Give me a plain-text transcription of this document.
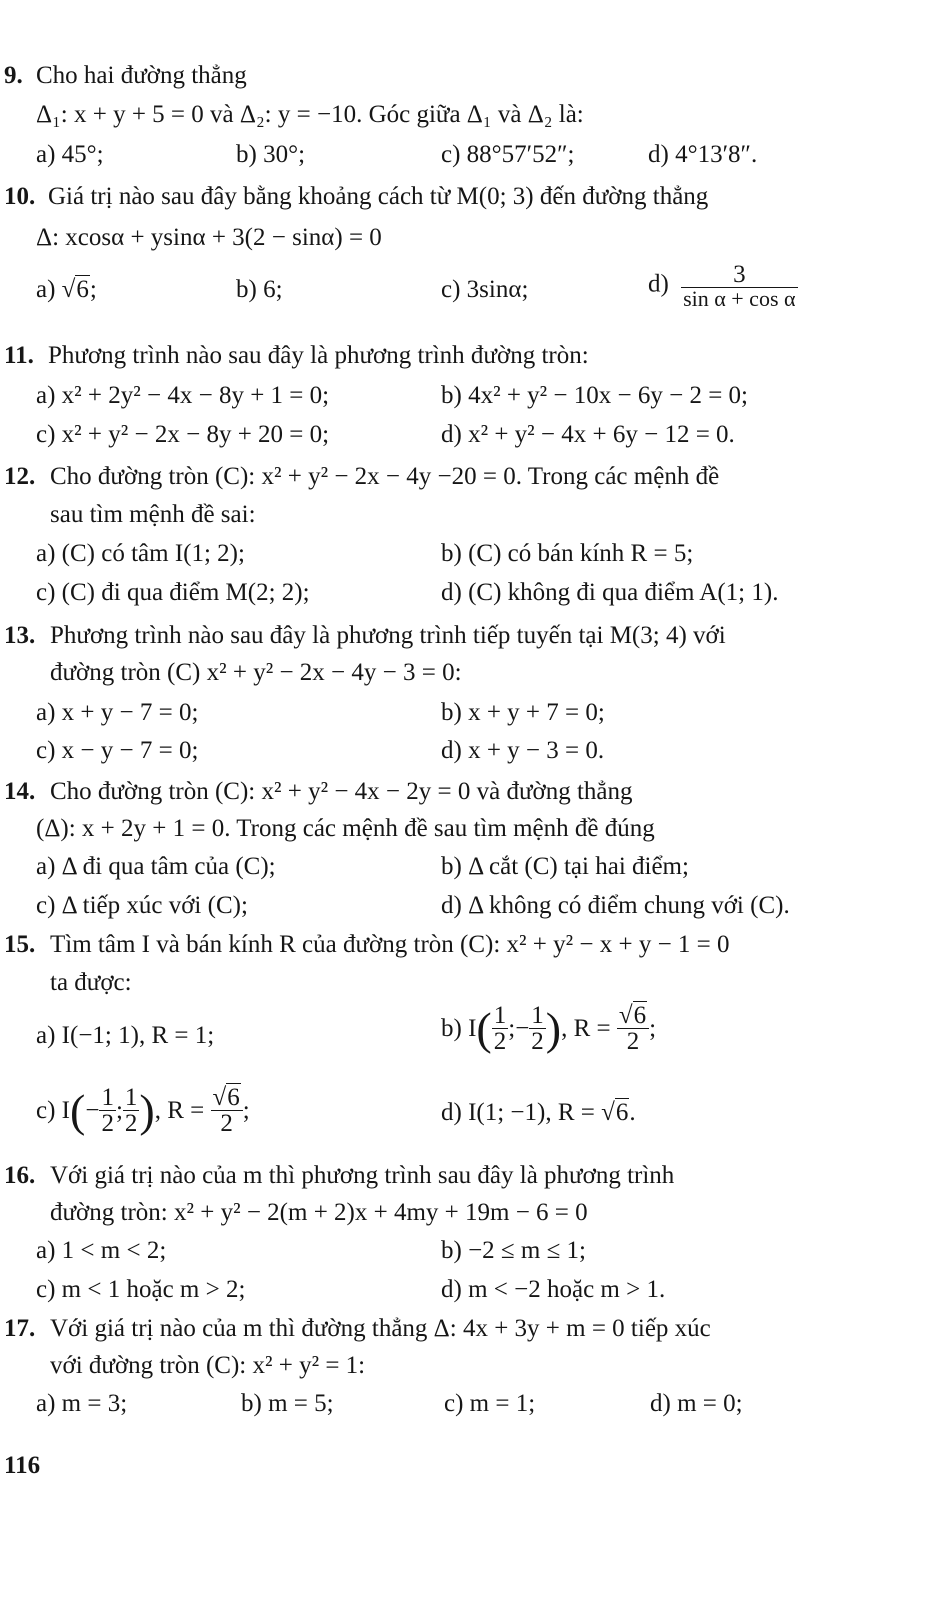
9. Cho hai đường thẳng
Δ₁: x + y + 5 = 0 và Δ₂: y = −10. Góc giữa Δ₁ và Δ₂ là:
a) 45°;	b) 30°;	c) 88°57′52″;	d) 4°13′8″.
10. Giá trị nào sau đây bằng khoảng cách từ M(0; 3) đến đường thẳng
Δ: xcosα + ysinα + 3(2 − sinα) = 0
a) √6;	b) 6;	c) 3sinα;	$d) \frac{3}{\text{sin α + cos α}}$
11. Phương trình nào sau đây là phương trình đường tròn:
a) x² + 2y² − 4x − 8y + 1 = 0;	b) 4x² + y² − 10x − 6y − 2 = 0;
c) x² + y² − 2x − 8y + 20 = 0;	d) x² + y² − 4x + 6y − 12 = 0.
12. Cho đường tròn (C): x² + y² − 2x − 4y −20 = 0. Trong các mệnh đề
sau tìm mệnh đề sai:
a) (C) có tâm I(1; 2);	b) (C) có bán kính R = 5;
c) (C) đi qua điểm M(2; 2);	d) (C) không đi qua điểm A(1; 1).
13. Phương trình nào sau đây là phương trình tiếp tuyến tại M(3; 4) với
đường tròn (C) x² + y² − 2x − 4y − 3 = 0:
a) x + y − 7 = 0;	b) x + y + 7 = 0;
c) x − y − 7 = 0;	d) x + y − 3 = 0.
14. Cho đường tròn (C): x² + y² − 4x − 2y = 0 và đường thẳng
(Δ): x + 2y + 1 = 0. Trong các mệnh đề sau tìm mệnh đề đúng
a) Δ đi qua tâm của (C);	b) Δ cắt (C) tại hai điểm;
c) Δ tiếp xúc với (C);	d) Δ không có điểm chung với (C).
15. Tìm tâm I và bán kính R của đường tròn (C): x² + y² − x + y − 1 = 0
ta được:
a) I(−1; 1), R = 1;	b) I ( $\frac{1}{2}$ ; − $\frac{1}{2}$ ) , $R = \frac{√6}{2}$ ;
c) I ( − $\frac{1}{2}$ ; $\frac{1}{2}$ ) , $R = \frac{√6}{2}$ ;	d) I(1; −1), R = √6.
16. Với giá trị nào của m thì phương trình sau đây là phương trình
đường tròn: x² + y² − 2(m + 2)x + 4my + 19m − 6 = 0
a) 1 < m < 2;	b) −2 ≤ m ≤ 1;
c) m < 1 hoặc m > 2;	d) m < −2 hoặc m > 1.
17. Với giá trị nào của m thì đường thẳng Δ: 4x + 3y + m = 0 tiếp xúc
với đường tròn (C): x² + y² = 1:
a) m = 3;	b) m = 5;	c) m = 1;	d) m = 0;
116
